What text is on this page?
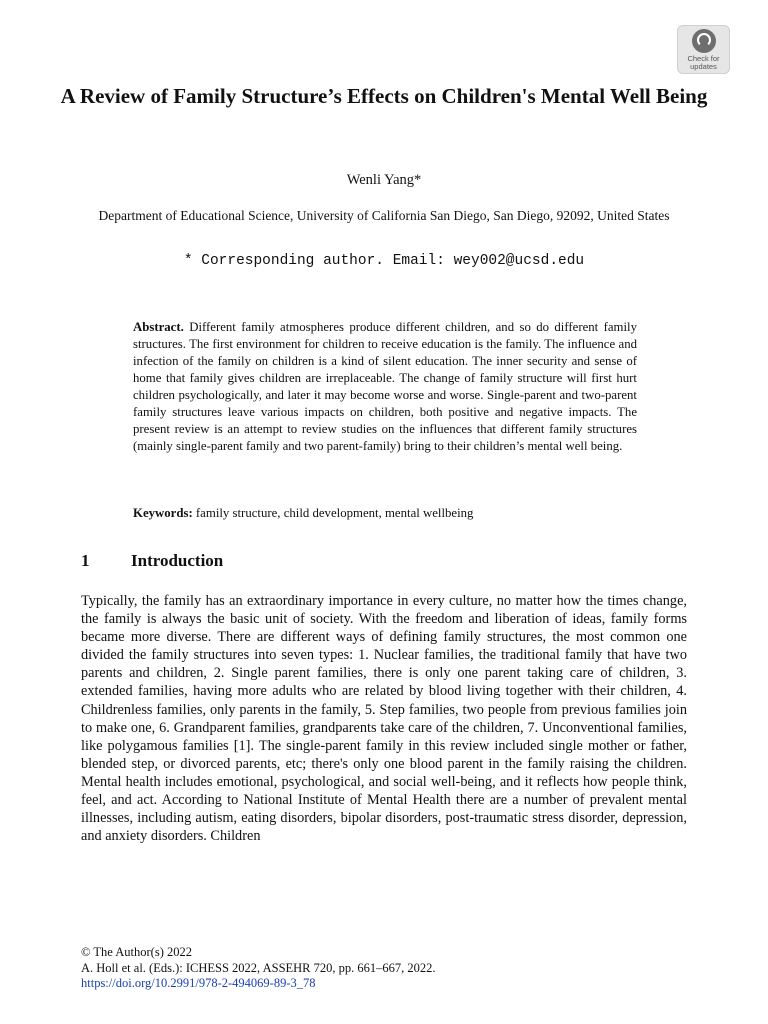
Check for updates
A Review of Family Structure’s Effects on Children's Mental Well Being
Wenli Yang*
Department of Educational Science, University of California San Diego, San Diego, 92092, United States
* Corresponding author. Email: wey002@ucsd.edu

Abstract. Different family atmospheres produce different children, and so do different family structures. The first environment for children to receive education is the family. The influence and infection of the family on children is a kind of silent education. The inner security and sense of home that family gives children are irreplaceable. The change of family structure will first hurt children psychologically, and later it may become worse and worse. Single-parent and two-parent family structures leave various impacts on children, both positive and negative impacts. The present review is an attempt to review studies on the influences that different family structures (mainly single-parent family and two parent-family) bring to their children’s mental well being.

Keywords: family structure, child development, mental wellbeing
1 Introduction

Typically, the family has an extraordinary importance in every culture, no matter how the times change, the family is always the basic unit of society. With the freedom and liberation of ideas, family forms became more diverse. There are different ways of defining family structures, the most common one divided the family structures into seven types: 1. Nuclear families, the traditional family that have two parents and children, 2. Single parent families, there is only one parent taking care of children, 3. extended families, having more adults who are related by blood living together with their children, 4. Childrenless families, only parents in the family, 5. Step families, two people from previous families join to make one, 6. Grandparent families, grandparents take care of the children, 7. Unconventional families, like polygamous families [1]. The single-parent family in this review included single mother or father, blended step, or divorced parents, etc; there's only one blood parent in the family raising the children. Mental health includes emotional, psychological, and social well-being, and it reflects how people think, feel, and act. According to National Institute of Mental Health there are a number of prevalent mental illnesses, including autism, eating disorders, bipolar disorders, post-traumatic stress disorder, depression, and anxiety disorders. Children

© The Author(s) 2022
A. Holl et al. (Eds.): ICHESS 2022, ASSEHR 720, pp. 661–667, 2022.
https://doi.org/10.2991/978-2-494069-89-3_78
